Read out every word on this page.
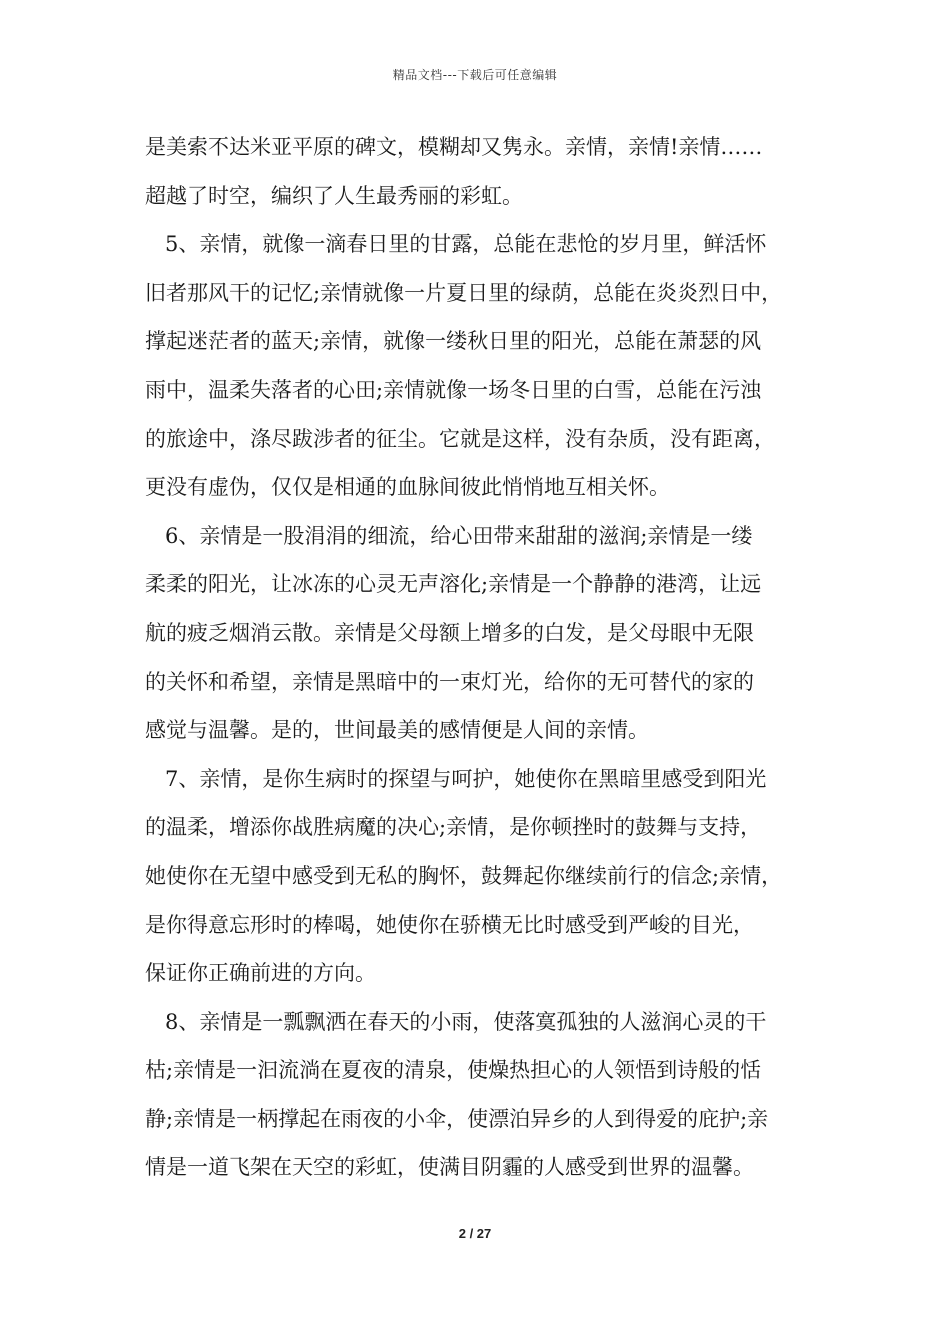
精品文档---下载后可任意编辑
是美索不达米亚平原的碑文，模糊却又隽永。亲情，亲情!亲情……
超越了时空，编织了人生最秀丽的彩虹。
5、亲情，就像一滴春日里的甘露，总能在悲怆的岁月里，鲜活怀
旧者那风干的记忆;亲情就像一片夏日里的绿荫，总能在炎炎烈日中，
撑起迷茫者的蓝天;亲情，就像一缕秋日里的阳光，总能在萧瑟的风
雨中，温柔失落者的心田;亲情就像一场冬日里的白雪，总能在污浊
的旅途中，涤尽跋涉者的征尘。它就是这样，没有杂质，没有距离，
更没有虚伪，仅仅是相通的血脉间彼此悄悄地互相关怀。
6、亲情是一股涓涓的细流，给心田带来甜甜的滋润;亲情是一缕
柔柔的阳光，让冰冻的心灵无声溶化;亲情是一个静静的港湾，让远
航的疲乏烟消云散。亲情是父母额上增多的白发，是父母眼中无限
的关怀和希望，亲情是黑暗中的一束灯光，给你的无可替代的家的
感觉与温馨。是的，世间最美的感情便是人间的亲情。
7、亲情，是你生病时的探望与呵护，她使你在黑暗里感受到阳光
的温柔，增添你战胜病魔的决心;亲情，是你顿挫时的鼓舞与支持，
她使你在无望中感受到无私的胸怀，鼓舞起你继续前行的信念;亲情，
是你得意忘形时的棒喝，她使你在骄横无比时感受到严峻的目光，
保证你正确前进的方向。
8、亲情是一瓢飘洒在春天的小雨，使落寞孤独的人滋润心灵的干
枯;亲情是一汩流淌在夏夜的清泉，使燥热担心的人领悟到诗般的恬
静;亲情是一柄撑起在雨夜的小伞，使漂泊异乡的人到得爱的庇护;亲
情是一道飞架在天空的彩虹，使满目阴霾的人感受到世界的温馨。
2 / 27
